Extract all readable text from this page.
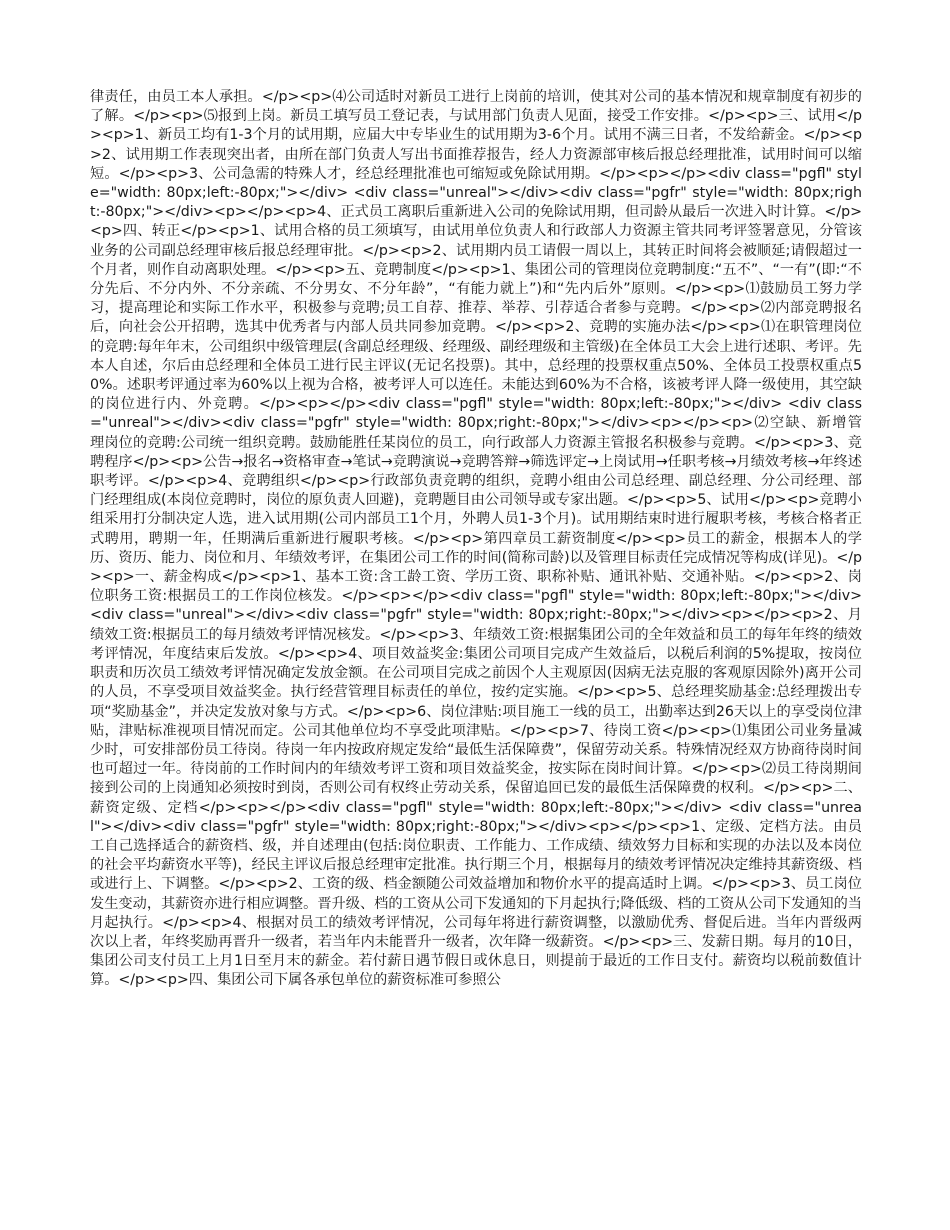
律责任，由员工本人承担。</p><p>⑷公司适时对新员工进行上岗前的培训，使其对公司的基本情况和规章制度有初步的了解。</p><p>⑸报到上岗。新员工填写员工登记表，与试用部门负责人见面，接受工作安排。</p><p>三、试用</p><p>1、新员工均有1-3个月的试用期，应届大中专毕业生的试用期为3-6个月。试用不满三日者，不发给薪金。</p><p>2、试用期工作表现突出者，由所在部门负责人写出书面推荐报告，经人力资源部审核后报总经理批准，试用时间可以缩短。</p><p>3、公司急需的特殊人才，经总经理批准也可缩短或免除试用期。</p><p></p><div class="pgfl" style="width: 80px;left:-80px;"></div> <div class="unreal"></div><div class="pgfr" style="width: 80px;right:-80px;"></div><p></p><p>4、正式员工离职后重新进入公司的免除试用期，但司龄从最后一次进入时计算。</p><p>四、转正</p><p>1、试用合格的员工须填写，由试用单位负责人和行政部人力资源主管共同考评签署意见，分管该业务的公司副总经理审核后报总经理审批。</p><p>2、试用期内员工请假一周以上，其转正时间将会被顺延;请假超过一个月者，则作自动离职处理。</p><p>五、竞聘制度</p><p>1、集团公司的管理岗位竞聘制度:“五不”、“一有”(即:“不分先后、不分内外、不分亲疏、不分男女、不分年龄”，“有能力就上”)和“先内后外”原则。</p><p>⑴鼓励员工努力学习，提高理论和实际工作水平，积极参与竞聘;员工自荐、推荐、举荐、引荐适合者参与竞聘。</p><p>⑵内部竞聘报名后，向社会公开招聘，选其中优秀者与内部人员共同参加竞聘。</p><p>2、竞聘的实施办法</p><p>⑴在职管理岗位的竞聘:每年年末，公司组织中级管理层(含副总经理级、经理级、副经理级和主管级)在全体员工大会上进行述职、考评。先本人自述，尔后由总经理和全体员工进行民主评议(无记名投票)。其中，总经理的投票权重点50%、全体员工投票权重点50%。述职考评通过率为60%以上视为合格，被考评人可以连任。未能达到60%为不合格，该被考评人降一级使用，其空缺的岗位进行内、外竞聘。</p><p></p><div class="pgfl" style="width: 80px;left:-80px;"></div> <div class="unreal"></div><div class="pgfr" style="width: 80px;right:-80px;"></div><p></p><p>⑵空缺、新增管理岗位的竞聘:公司统一组织竞聘。鼓励能胜任某岗位的员工，向行政部人力资源主管报名积极参与竞聘。</p><p>3、竞聘程序</p><p>公告→报名→资格审查→笔试→竞聘演说→竞聘答辩→筛选评定→上岗试用→任职考核→月绩效考核→年终述职考评。</p><p>4、竞聘组织</p><p>行政部负责竞聘的组织，竞聘小组由公司总经理、副总经理、分公司经理、部门经理组成(本岗位竞聘时，岗位的原负责人回避)，竞聘题目由公司领导或专家出题。</p><p>5、试用</p><p>竞聘小组采用打分制决定人选，进入试用期(公司内部员工1个月，外聘人员1-3个月)。试用期结束时进行履职考核，考核合格者正式聘用，聘期一年，任期满后重新进行履职考核。</p><p>第四章员工薪资制度</p><p>员工的薪金，根据本人的学历、资历、能力、岗位和月、年绩效考评，在集团公司工作的时间(简称司龄)以及管理目标责任完成情况等构成(详见)。</p><p>一、薪金构成</p><p>1、基本工资:含工龄工资、学历工资、职称补贴、通讯补贴、交通补贴。</p><p>2、岗位职务工资:根据员工的工作岗位核发。</p><p></p><div class="pgfl" style="width: 80px;left:-80px;"></div> <div class="unreal"></div><div class="pgfr" style="width: 80px;right:-80px;"></div><p></p><p>2、月绩效工资:根据员工的每月绩效考评情况核发。</p><p>3、年绩效工资:根据集团公司的全年效益和员工的每年年终的绩效考评情况，年度结束后发放。</p><p>4、项目效益奖金:集团公司项目完成产生效益后，以税后利润的5%提取，按岗位职责和历次员工绩效考评情况确定发放金额。在公司项目完成之前因个人主观原因(因病无法克服的客观原因除外)离开公司的人员，不享受项目效益奖金。执行经营管理目标责任的单位，按约定实施。</p><p>5、总经理奖励基金:总经理拨出专项“奖励基金”，并决定发放对象与方式。</p><p>6、岗位津贴:项目施工一线的员工，出勤率达到26天以上的享受岗位津贴，津贴标准视项目情况而定。公司其他单位均不享受此项津贴。</p><p>7、待岗工资</p><p>⑴集团公司业务量减少时，可安排部份员工待岗。待岗一年内按政府规定发给“最低生活保障费”，保留劳动关系。特殊情况经双方协商待岗时间也可超过一年。待岗前的工作时间内的年绩效考评工资和项目效益奖金，按实际在岗时间计算。</p><p>⑵员工待岗期间接到公司的上岗通知必须按时到岗，否则公司有权终止劳动关系，保留追回已发的最低生活保障费的权利。</p><p>二、薪资定级、定档</p><p></p><div class="pgfl" style="width: 80px;left:-80px;"></div> <div class="unreal"></div><div class="pgfr" style="width: 80px;right:-80px;"></div><p></p><p>1、定级、定档方法。由员工自己选择适合的薪资档、级，并自述理由(包括:岗位职责、工作能力、工作成绩、绩效努力目标和实现的办法以及本岗位的社会平均薪资水平等)，经民主评议后报总经理审定批准。执行期三个月，根据每月的绩效考评情况决定维持其薪资级、档或进行上、下调整。</p><p>2、工资的级、档金额随公司效益增加和物价水平的提高适时上调。</p><p>3、员工岗位发生变动，其薪资亦进行相应调整。晋升级、档的工资从公司下发通知的下月起执行;降低级、档的工资从公司下发通知的当月起执行。</p><p>4、根据对员工的绩效考评情况，公司每年将进行薪资调整，以激励优秀、督促后进。当年内晋级两次以上者，年终奖励再晋升一级者，若当年内未能晋升一级者，次年降一级薪资。</p><p>三、发薪日期。每月的10日，集团公司支付员工上月1日至月末的薪金。若付薪日遇节假日或休息日，则提前于最近的工作日支付。薪资均以税前数值计算。</p><p>四、集团公司下属各承包单位的薪资标准可参照公
